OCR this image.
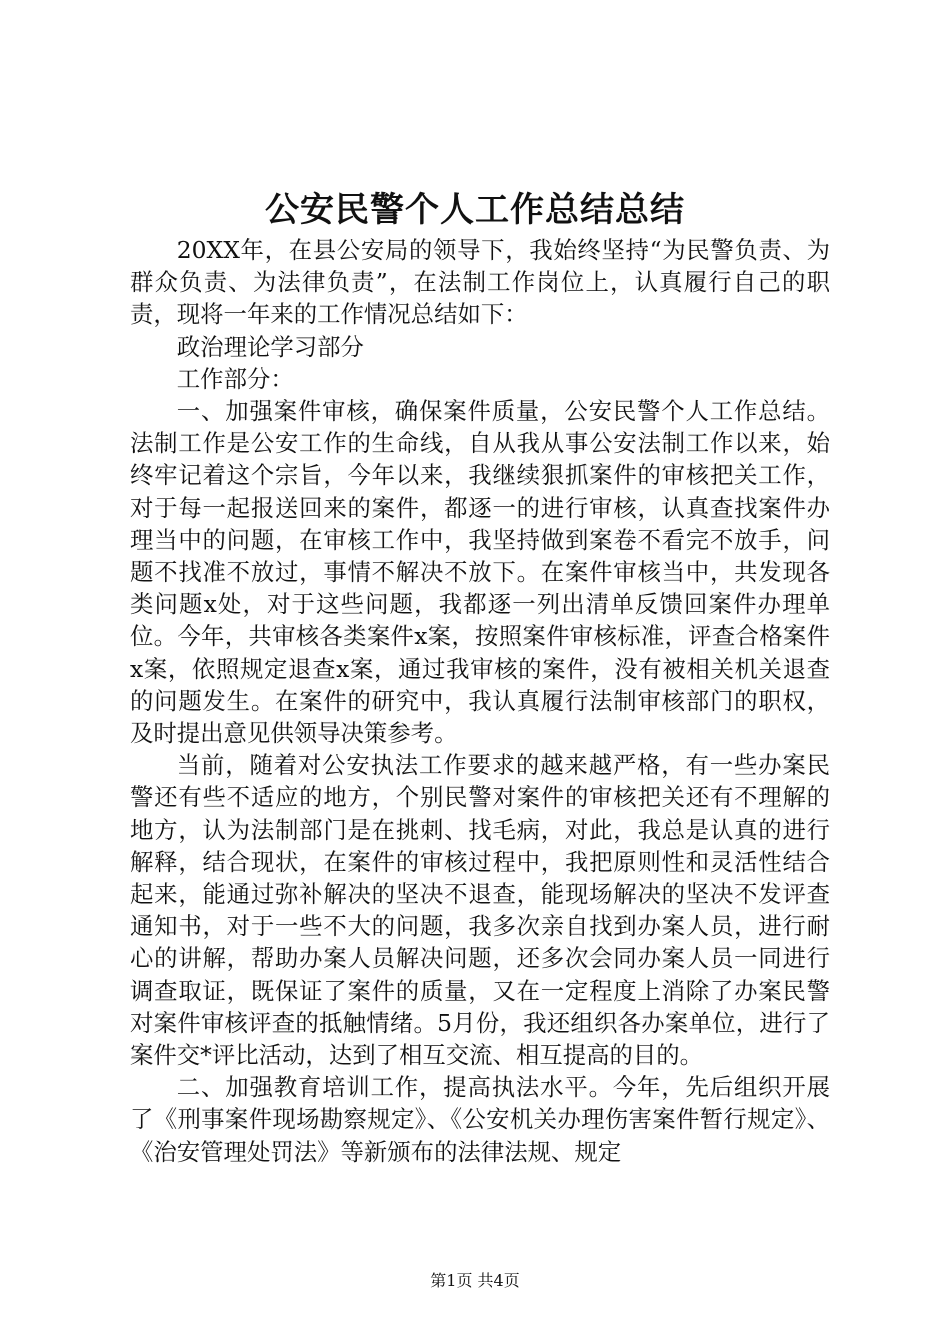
公安民警个人工作总结总结

20XX年，在县公安局的领导下，我始终坚持“为民警负责、为群众负责、为法律负责”，在法制工作岗位上，认真履行自己的职责，现将一年来的工作情况总结如下：

政治理论学习部分

工作部分：

一、加强案件审核，确保案件质量，公安民警个人工作总结。法制工作是公安工作的生命线，自从我从事公安法制工作以来，始终牢记着这个宗旨，今年以来，我继续狠抓案件的审核把关工作，对于每一起报送回来的案件，都逐一的进行审核，认真查找案件办理当中的问题，在审核工作中，我坚持做到案卷不看完不放手，问题不找准不放过，事情不解决不放下。在案件审核当中，共发现各类问题x处，对于这些问题，我都逐一列出清单反馈回案件办理单位。今年，共审核各类案件x案，按照案件审核标准，评查合格案件x案，依照规定退查x案，通过我审核的案件，没有被相关机关退查的问题发生。在案件的研究中，我认真履行法制审核部门的职权，及时提出意见供领导决策参考。

当前，随着对公安执法工作要求的越来越严格，有一些办案民警还有些不适应的地方，个别民警对案件的审核把关还有不理解的地方，认为法制部门是在挑刺、找毛病，对此，我总是认真的进行解释，结合现状，在案件的审核过程中，我把原则性和灵活性结合起来，能通过弥补解决的坚决不退查，能现场解决的坚决不发评查通知书，对于一些不大的问题，我多次亲自找到办案人员，进行耐心的讲解，帮助办案人员解决问题，还多次会同办案人员一同进行调查取证，既保证了案件的质量，又在一定程度上消除了办案民警对案件审核评查的抵触情绪。5月份，我还组织各办案单位，进行了案件交*评比活动，达到了相互交流、相互提高的目的。

二、加强教育培训工作，提高执法水平。今年，先后组织开展了《刑事案件现场勘察规定》、《公安机关办理伤害案件暂行规定》、《治安管理处罚法》等新颁布的法律法规、规定

第1页 共4页
